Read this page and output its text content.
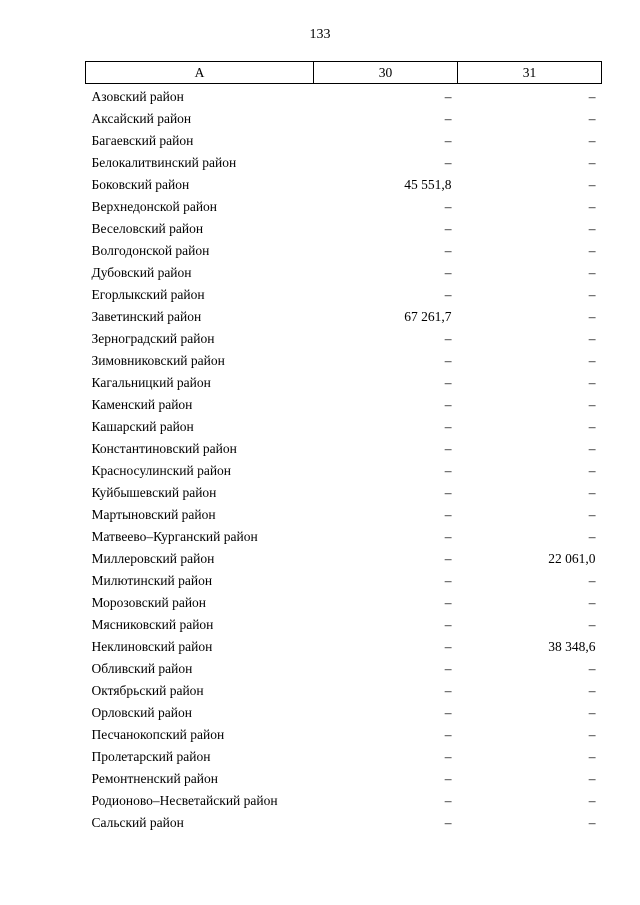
133
А	30	31
Азовский район	–	–
Аксайский район	–	–
Багаевский район	–	–
Белокалитвинский район	–	–
Боковский район	45 551,8	–
Верхнедонской район	–	–
Веселовский район	–	–
Волгодонской район	–	–
Дубовский район	–	–
Егорлыкский район	–	–
Заветинский район	67 261,7	–
Зерноградский район	–	–
Зимовниковский район	–	–
Кагальницкий район	–	–
Каменский район	–	–
Кашарский район	–	–
Константиновский район	–	–
Красносулинский район	–	–
Куйбышевский район	–	–
Мартыновский район	–	–
Матвеево–Курганский район	–	–
Миллеровский район	–	22 061,0
Милютинский район	–	–
Морозовский район	–	–
Мясниковский район	–	–
Неклиновский район	–	38 348,6
Обливский район	–	–
Октябрьский район	–	–
Орловский район	–	–
Песчанокопский район	–	–
Пролетарский район	–	–
Ремонтненский район	–	–
Родионово–Несветайский район	–	–
Сальский район	–	–
